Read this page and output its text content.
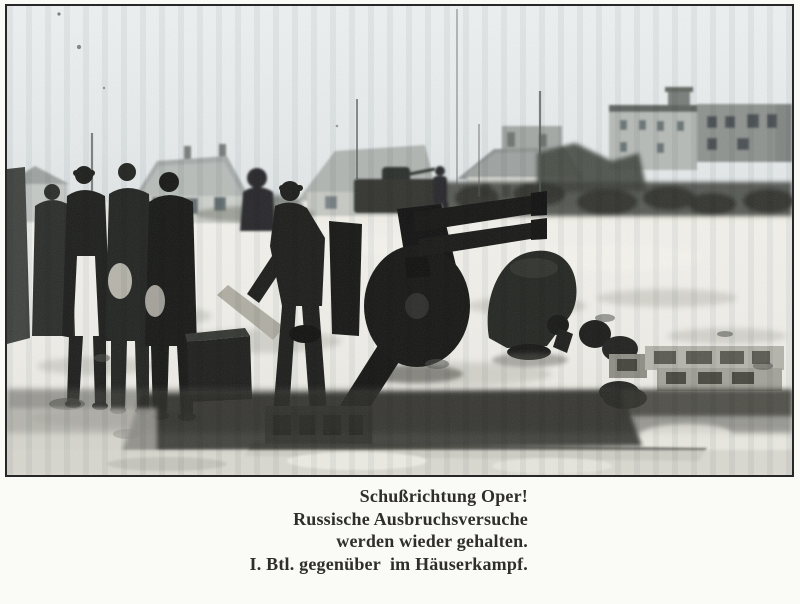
Schußrichtung Oper!
Russische Ausbruchsversuche
werden wieder gehalten.
I. Btl. gegenüber  im Häuserkampf.
